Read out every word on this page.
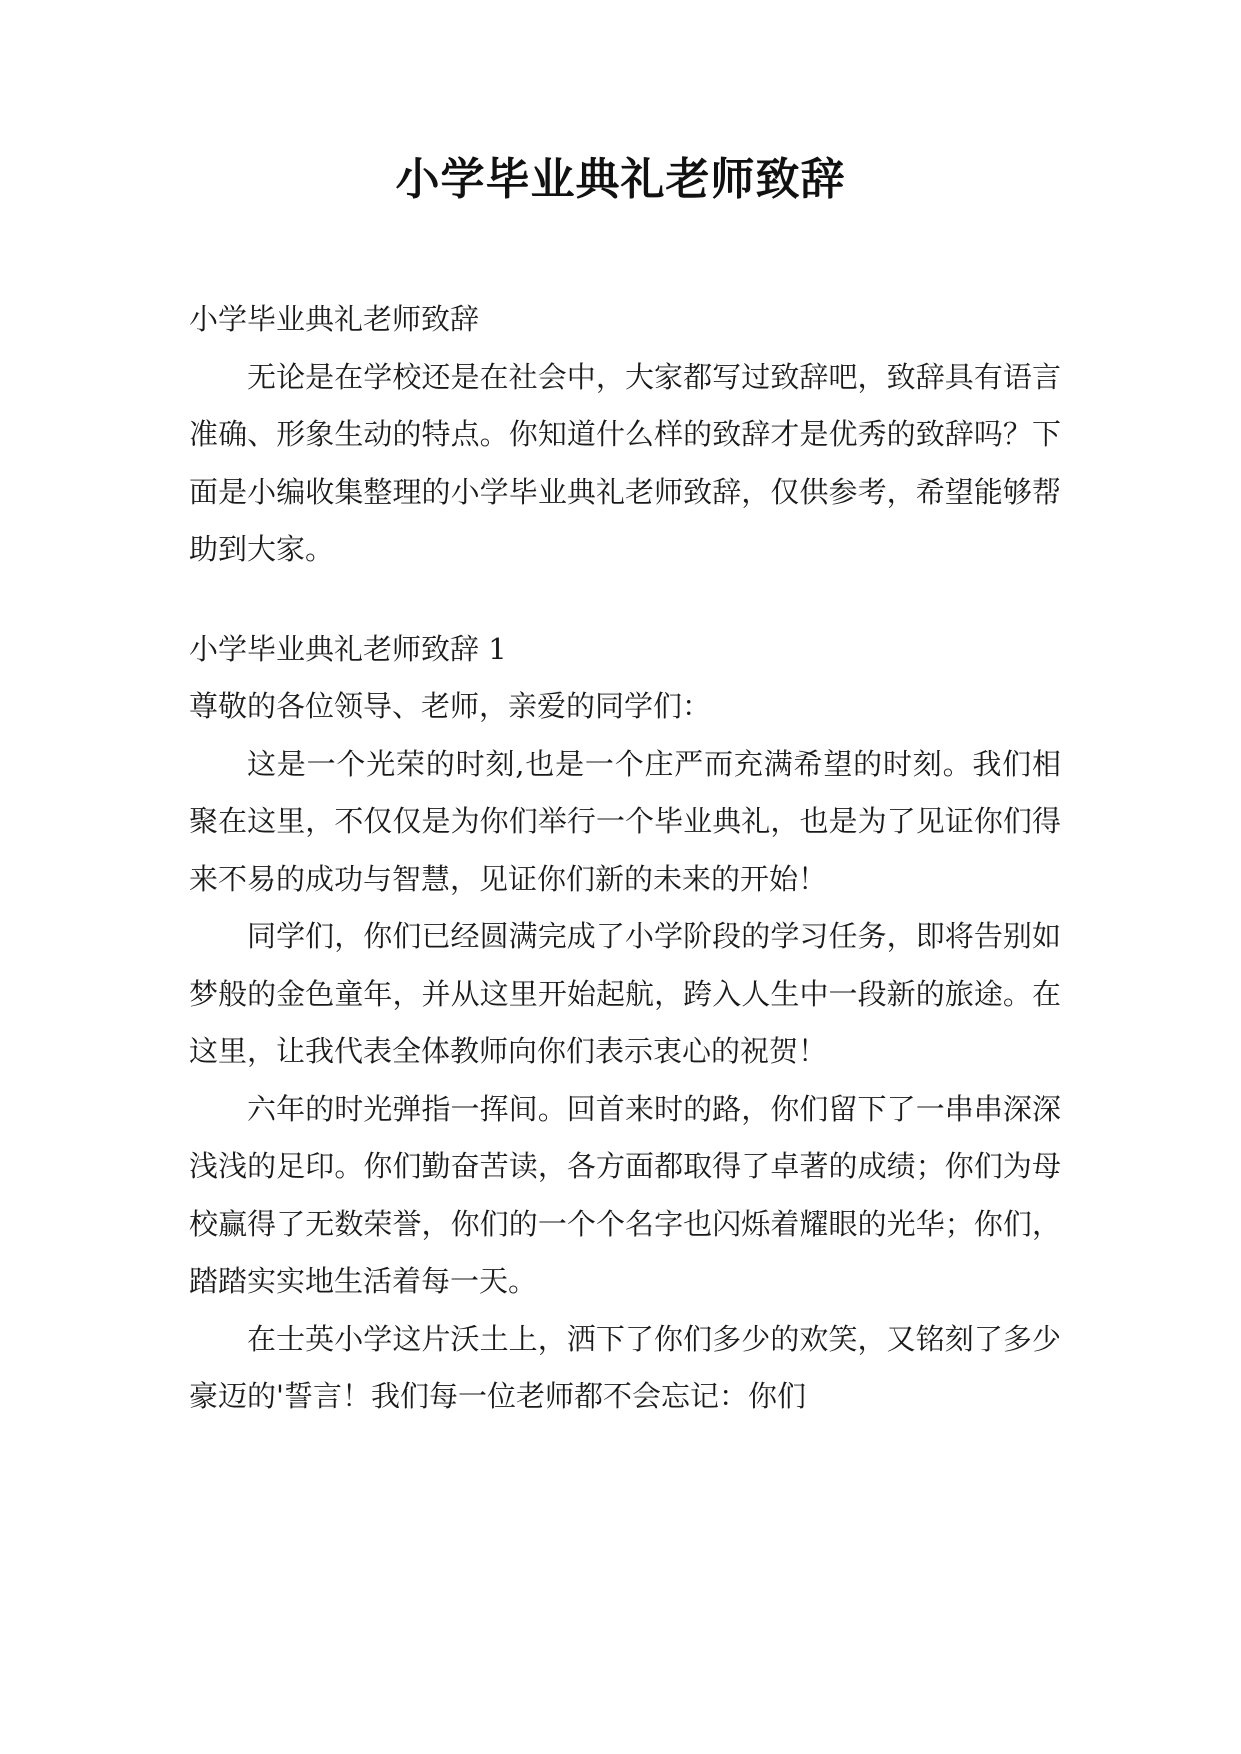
小学毕业典礼老师致辞
小学毕业典礼老师致辞

无论是在学校还是在社会中，大家都写过致辞吧，致辞具有语言准确、形象生动的特点。你知道什么样的致辞才是优秀的致辞吗？下面是小编收集整理的小学毕业典礼老师致辞，仅供参考，希望能够帮助到大家。

小学毕业典礼老师致辞 1
尊敬的各位领导、老师，亲爱的同学们：

这是一个光荣的时刻,也是一个庄严而充满希望的时刻。我们相聚在这里，不仅仅是为你们举行一个毕业典礼，也是为了见证你们得来不易的成功与智慧，见证你们新的未来的开始！

同学们，你们已经圆满完成了小学阶段的学习任务，即将告别如梦般的金色童年，并从这里开始起航，跨入人生中一段新的旅途。在这里，让我代表全体教师向你们表示衷心的祝贺！

六年的时光弹指一挥间。回首来时的路，你们留下了一串串深深浅浅的足印。你们勤奋苦读，各方面都取得了卓著的成绩；你们为母校赢得了无数荣誉，你们的一个个名字也闪烁着耀眼的光华；你们，踏踏实实地生活着每一天。

在士英小学这片沃土上，洒下了你们多少的欢笑，又铭刻了多少豪迈的'誓言！我们每一位老师都不会忘记：你们
